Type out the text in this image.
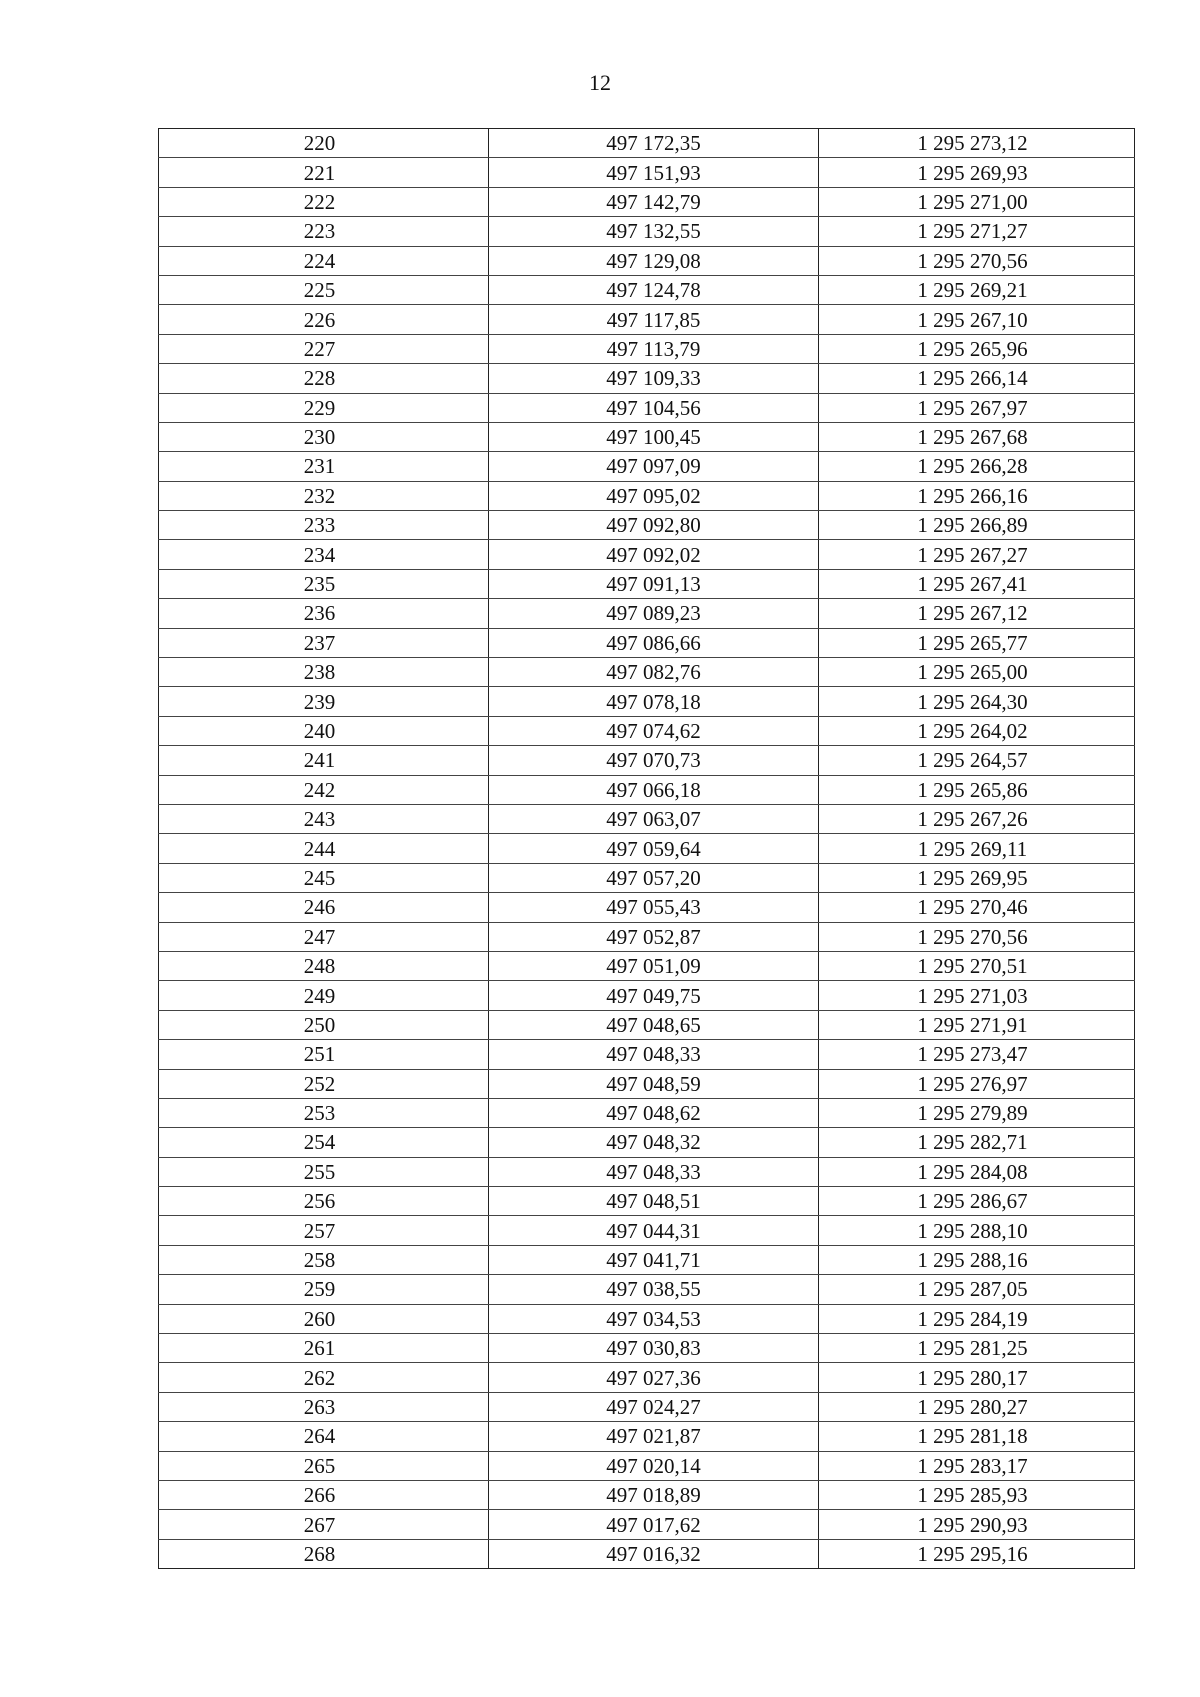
12
220	497 172,35	1 295 273,12
221	497 151,93	1 295 269,93
222	497 142,79	1 295 271,00
223	497 132,55	1 295 271,27
224	497 129,08	1 295 270,56
225	497 124,78	1 295 269,21
226	497 117,85	1 295 267,10
227	497 113,79	1 295 265,96
228	497 109,33	1 295 266,14
229	497 104,56	1 295 267,97
230	497 100,45	1 295 267,68
231	497 097,09	1 295 266,28
232	497 095,02	1 295 266,16
233	497 092,80	1 295 266,89
234	497 092,02	1 295 267,27
235	497 091,13	1 295 267,41
236	497 089,23	1 295 267,12
237	497 086,66	1 295 265,77
238	497 082,76	1 295 265,00
239	497 078,18	1 295 264,30
240	497 074,62	1 295 264,02
241	497 070,73	1 295 264,57
242	497 066,18	1 295 265,86
243	497 063,07	1 295 267,26
244	497 059,64	1 295 269,11
245	497 057,20	1 295 269,95
246	497 055,43	1 295 270,46
247	497 052,87	1 295 270,56
248	497 051,09	1 295 270,51
249	497 049,75	1 295 271,03
250	497 048,65	1 295 271,91
251	497 048,33	1 295 273,47
252	497 048,59	1 295 276,97
253	497 048,62	1 295 279,89
254	497 048,32	1 295 282,71
255	497 048,33	1 295 284,08
256	497 048,51	1 295 286,67
257	497 044,31	1 295 288,10
258	497 041,71	1 295 288,16
259	497 038,55	1 295 287,05
260	497 034,53	1 295 284,19
261	497 030,83	1 295 281,25
262	497 027,36	1 295 280,17
263	497 024,27	1 295 280,27
264	497 021,87	1 295 281,18
265	497 020,14	1 295 283,17
266	497 018,89	1 295 285,93
267	497 017,62	1 295 290,93
268	497 016,32	1 295 295,16
